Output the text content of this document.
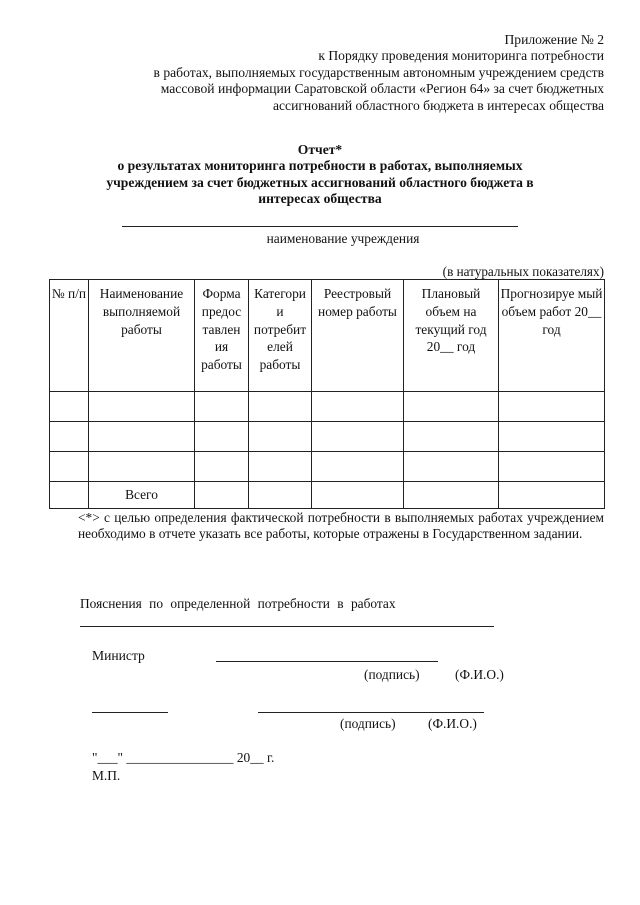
Приложение № 2
к Порядку проведения мониторинга потребности
в работах, выполняемых государственным автономным учреждением средств
массовой информации Саратовской области «Регион 64» за счет бюджетных
ассигнований областного бюджета в интересах общества
Отчет*
о результатах мониторинга потребности в работах, выполняемых
учреждением за счет бюджетных ассигнований областного бюджета в
интересах общества
наименование учреждения
(в натуральных показателях)
№ п/п	Наименование выполняемой работы	Форма предос тавлен ия работы	Категори и потребит елей работы	Реестровый номер работы	Плановый объем на текущий год 20__ год	Прогнозируе мый объем работ 20__ год

	Всего					
<*> с целью определения фактической потребности в выполняемых работах учреждением необходимо в отчете указать все работы, которые отражены в Государственном задании.
Пояснения по определенной потребности в работах
Министр
(подпись)	(Ф.И.О.)
(подпись) (Ф.И.О.)
"___" ________________ 20__ г.
М.П.
